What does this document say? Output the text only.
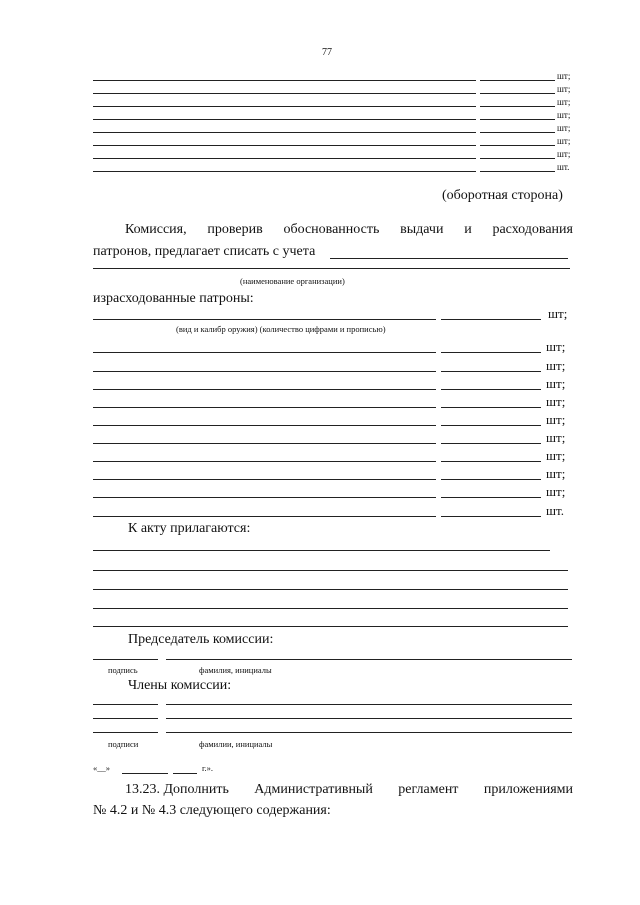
77
шт;
шт;
шт;
шт;
шт;
шт;
шт;
шт.
(оборотная сторона)
Комиссия, проверив обоснованность выдачи и расходования
патронов, предлагает списать с учета
(наименование организации)
израсходованные патроны:
шт;
(вид и калибр оружия) (количество цифрами и прописью)
шт;
шт;
шт;
шт;
шт;
шт;
шт;
шт;
шт;
шт.
К акту прилагаются:
Председатель комиссии:
подпись	фамилия, инициалы
Члены комиссии:
подписи	фамилии, инициалы
«__»	г.».
13.23. Дополнить Административный регламент приложениями
№ 4.2 и № 4.3 следующего содержания:
